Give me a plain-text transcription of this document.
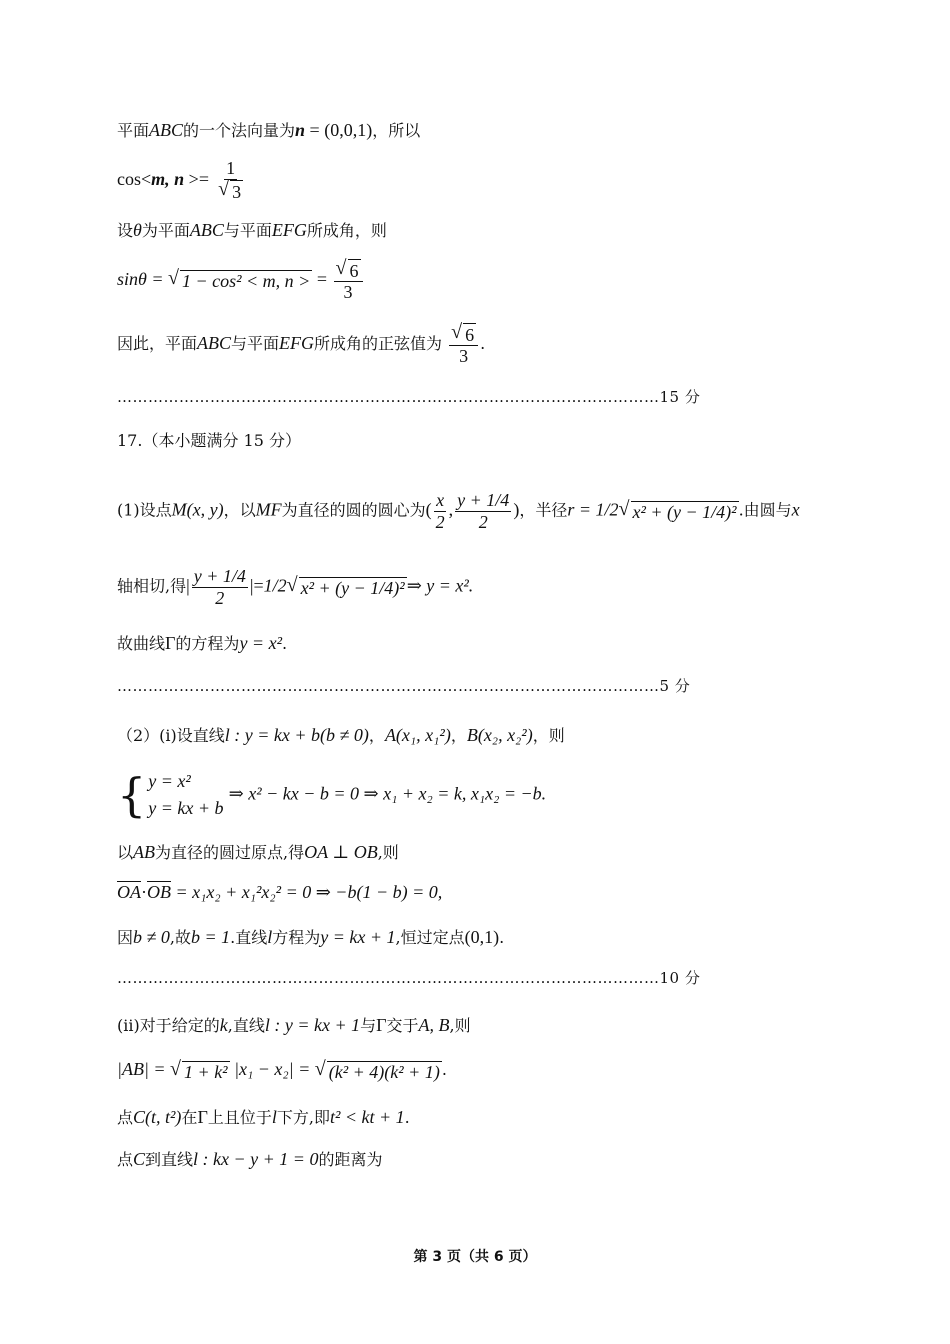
平面ABC的一个法向量为n = (0,0,1)，所以
cos<m, n >= 1
√ 3
设θ为平面ABC与平面EFG所成角，则
sinθ = √ 1 − cos² < m, n > =
√ $\frac{6}{3}$
因此，平面ABC与平面EFG所成角的正弦值为
√ $\frac{6}{3}$ .
……………………………………………………………………………………………15 分
17.（本小题满分 15 分）
(1)设点M(x, y)，以MF为直径的圆的圆心为( $\frac{x}{2}$ , $\frac{y + 1/4}{2}$ )，半径r = 1/2√ x² + (y − 1/4)² .由圆与x
轴相切,得| $\frac{y + 1/4}{2} |=1/2√$ x² + (y − 1/4)² ⇒ y = x².
故曲线Γ的方程为y = x².
……………………………………………………………………………………………5 分
（2）(i)设直线l : y = kx + b(b ≠ 0)，A(x₁, x₁²)，B(x₂, x₂²)，则
{ y = x²
y = kx + b
⇒ x² − kx − b = 0 ⇒ x₁ + x₂ = k, x₁x₂ = −b.
以AB为直径的圆过原点,得OA ⊥ OB,则
OA·OB = x₁x₂ + x₁²x₂² = 0 ⇒ −b(1 − b) = 0,
因b ≠ 0,故b = 1.直线l方程为y = kx + 1,恒过定点(0,1).
……………………………………………………………………………………………10 分
(ii)对于给定的k,直线l : y = kx + 1与Γ交于A, B,则
|AB| = √ 1 + k² |x₁ − x₂| = √ (k² + 4)(k² + 1) .
点C(t, t²)在Γ上且位于l下方,即t² < kt + 1.
点C到直线l : kx − y + 1 = 0的距离为
第 3 页（共 6 页）
